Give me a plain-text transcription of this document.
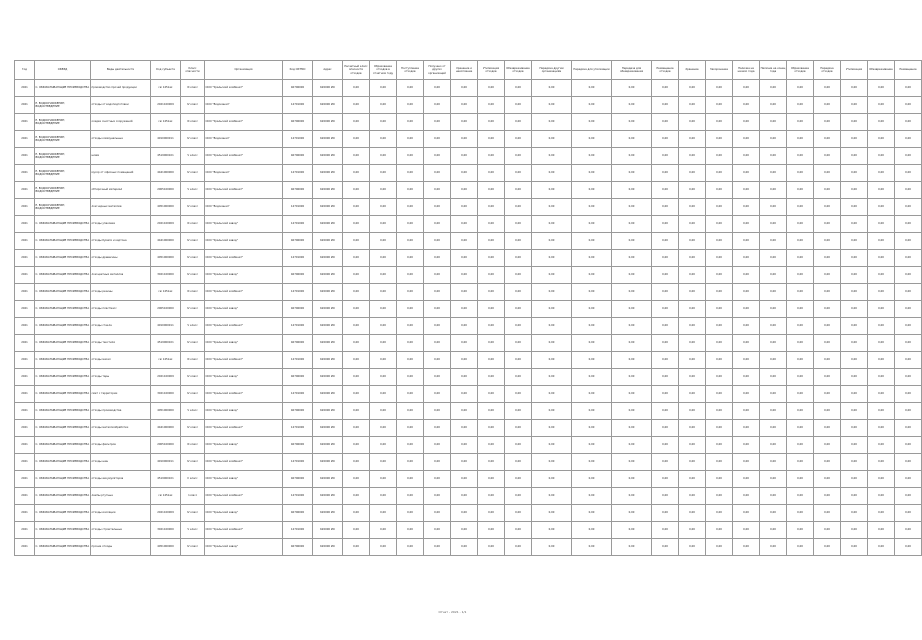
Год	ОКВЭД	Виды деятельности	Код субъекта	Класс опасности	Организация	Код ОКТМО	Адрес	Расчетный класс опасности отходов	Образование отходов в отчетном году	Поступление отходов	Получено от других организаций	Хранение и накопление	Утилизация отходов	Обезвреживание отходов	Передача другим организациям	Передача для утилизации	Передача для обезвреживания	Размещение отходов	Хранение	Захоронение	Наличие на начало года	Наличие на конец года	Образование отходов	Передача отходов	Утилизация	Обезвреживание	Размещение
2021	C. ОБРАБАТЫВАЮЩИЕ ПРОИЗВОДСТВА	производство прочей продукции	rai 1451ax	III класс	ООО "Уральский комбинат"	46706000	620000 ИО	0,00	0,00	0,00	0,00	0,00	0,00	0,00	0,00	0,00	0,00	0,00	0,00	0,00	0,00	0,00	0,00	0,00	0,00	0,00	0,00
2021	E. ВОДОСНАБЖЕНИЕ; ВОДООТВЕДЕНИЕ	отходы от водоподготовки	2021100009	IV класс	ООО "Водоканал"	14701000	620000 ИО	0,00	0,00	0,00	0,00	0,00	0,00	0,00	0,00	0,00	0,00	0,00	0,00	0,00	0,00	0,00	0,00	0,00	0,00	0,00	0,00
2021	E. ВОДОСНАБЖЕНИЕ; ВОДООТВЕДЕНИЕ	осадки очистных сооружений	rai 1451ax	III класс	ООО "Уральский комбинат"	46706000	620000 ИО	0,00	0,00	0,00	0,00	0,00	0,00	0,00	0,00	0,00	0,00	0,00	0,00	0,00	0,00	0,00	0,00	0,00	0,00	0,00	0,00
2021	E. ВОДОСНАБЖЕНИЕ; ВОДООТВЕДЕНИЕ	отходы коммунальные	4910000011	IV класс	ООО "Водоканал"	14701000	620000 ИО	0,00	0,00	0,00	0,00	0,00	0,00	0,00	0,00	0,00	0,00	0,00	0,00	0,00	0,00	0,00	0,00	0,00	0,00	0,00	0,00
2021	E. ВОДОСНАБЖЕНИЕ; ВОДООТВЕДЕНИЕ	шлам	4519000101	V класс	ООО "Уральский комбинат"	46706000	620000 ИО	0,00	0,00	0,00	0,00	0,00	0,00	0,00	0,00	0,00	0,00	0,00	0,00	0,00	0,00	0,00	0,00	0,00	0,00	0,00	0,00
2021	E. ВОДОСНАБЖЕНИЕ; ВОДООТВЕДЕНИЕ	мусор от офисных помещений	4441000000	IV класс	ООО "Водоканал"	14701000	620000 ИО	0,00	0,00	0,00	0,00	0,00	0,00	0,00	0,00	0,00	0,00	0,00	0,00	0,00	0,00	0,00	0,00	0,00	0,00	0,00	0,00
2021	E. ВОДОСНАБЖЕНИЕ; ВОДООТВЕДЕНИЕ	обтирочный материал	2005100000	V класс	ООО "Уральский комбинат"	46706000	620000 ИО	0,00	0,00	0,00	0,00	0,00	0,00	0,00	0,00	0,00	0,00	0,00	0,00	0,00	0,00	0,00	0,00	0,00	0,00	0,00	0,00
2021	E. ВОДОСНАБЖЕНИЕ; ВОДООТВЕДЕНИЕ	лом черных металлов	4051000000	IV класс	ООО "Водоканал"	14701000	620000 ИО	0,00	0,00	0,00	0,00	0,00	0,00	0,00	0,00	0,00	0,00	0,00	0,00	0,00	0,00	0,00	0,00	0,00	0,00	0,00	0,00
2021	C. ОБРАБАТЫВАЮЩИЕ ПРОИЗВОДСТВА	отходы упаковки	2021100009	III класс	ООО "Уральский завод"	14701000	620000 ИО	0,00	0,00	0,00	0,00	0,00	0,00	0,00	0,00	0,00	0,00	0,00	0,00	0,00	0,00	0,00	0,00	0,00	0,00	0,00	0,00
2021	C. ОБРАБАТЫВАЮЩИЕ ПРОИЗВОДСТВА	отходы бумаги и картона	4441000000	IV класс	ООО "Уральский завод"	46706000	620000 ИО	0,00	0,00	0,00	0,00	0,00	0,00	0,00	0,00	0,00	0,00	0,00	0,00	0,00	0,00	0,00	0,00	0,00	0,00	0,00	0,00
2021	C. ОБРАБАТЫВАЮЩИЕ ПРОИЗВОДСТВА	отходы древесины	4051000000	IV класс	ООО "Уральский комбинат"	14701000	620000 ИО	0,00	0,00	0,00	0,00	0,00	0,00	0,00	0,00	0,00	0,00	0,00	0,00	0,00	0,00	0,00	0,00	0,00	0,00	0,00	0,00
2021	C. ОБРАБАТЫВАЮЩИЕ ПРОИЗВОДСТВА	лом цветных металлов	3021100000	IV класс	ООО "Уральский завод"	46706000	620000 ИО	0,00	0,00	0,00	0,00	0,00	0,00	0,00	0,00	0,00	0,00	0,00	0,00	0,00	0,00	0,00	0,00	0,00	0,00	0,00	0,00
2021	C. ОБРАБАТЫВАЮЩИЕ ПРОИЗВОДСТВА	отходы резины	rai 1451ax	III класс	ООО "Уральский комбинат"	14701000	620000 ИО	0,00	0,00	0,00	0,00	0,00	0,00	0,00	0,00	0,00	0,00	0,00	0,00	0,00	0,00	0,00	0,00	0,00	0,00	0,00	0,00
2021	C. ОБРАБАТЫВАЮЩИЕ ПРОИЗВОДСТВА	отходы пластмасс	2005100000	IV класс	ООО "Уральский завод"	46706000	620000 ИО	0,00	0,00	0,00	0,00	0,00	0,00	0,00	0,00	0,00	0,00	0,00	0,00	0,00	0,00	0,00	0,00	0,00	0,00	0,00	0,00
2021	C. ОБРАБАТЫВАЮЩИЕ ПРОИЗВОДСТВА	отходы стекла	4910000011	V класс	ООО "Уральский комбинат"	14701000	620000 ИО	0,00	0,00	0,00	0,00	0,00	0,00	0,00	0,00	0,00	0,00	0,00	0,00	0,00	0,00	0,00	0,00	0,00	0,00	0,00	0,00
2021	C. ОБРАБАТЫВАЮЩИЕ ПРОИЗВОДСТВА	отходы текстиля	4519000101	IV класс	ООО "Уральский завод"	46706000	620000 ИО	0,00	0,00	0,00	0,00	0,00	0,00	0,00	0,00	0,00	0,00	0,00	0,00	0,00	0,00	0,00	0,00	0,00	0,00	0,00	0,00
2021	C. ОБРАБАТЫВАЮЩИЕ ПРОИЗВОДСТВА	отходы масел	rai 1451ax	III класс	ООО "Уральский комбинат"	14701000	620000 ИО	0,00	0,00	0,00	0,00	0,00	0,00	0,00	0,00	0,00	0,00	0,00	0,00	0,00	0,00	0,00	0,00	0,00	0,00	0,00	0,00
2021	C. ОБРАБАТЫВАЮЩИЕ ПРОИЗВОДСТВА	отходы тары	2021100009	IV класс	ООО "Уральский завод"	46706000	620000 ИО	0,00	0,00	0,00	0,00	0,00	0,00	0,00	0,00	0,00	0,00	0,00	0,00	0,00	0,00	0,00	0,00	0,00	0,00	0,00	0,00
2021	C. ОБРАБАТЫВАЮЩИЕ ПРОИЗВОДСТВА	смет с территории	3021100000	IV класс	ООО "Уральский комбинат"	14701000	620000 ИО	0,00	0,00	0,00	0,00	0,00	0,00	0,00	0,00	0,00	0,00	0,00	0,00	0,00	0,00	0,00	0,00	0,00	0,00	0,00	0,00
2021	C. ОБРАБАТЫВАЮЩИЕ ПРОИЗВОДСТВА	отходы производства	4051000000	V класс	ООО "Уральский завод"	46706000	620000 ИО	0,00	0,00	0,00	0,00	0,00	0,00	0,00	0,00	0,00	0,00	0,00	0,00	0,00	0,00	0,00	0,00	0,00	0,00	0,00	0,00
2021	C. ОБРАБАТЫВАЮЩИЕ ПРОИЗВОДСТВА	отходы металлообработки	4441000000	IV класс	ООО "Уральский комбинат"	14701000	620000 ИО	0,00	0,00	0,00	0,00	0,00	0,00	0,00	0,00	0,00	0,00	0,00	0,00	0,00	0,00	0,00	0,00	0,00	0,00	0,00	0,00
2021	C. ОБРАБАТЫВАЮЩИЕ ПРОИЗВОДСТВА	отходы фильтров	2005100000	III класс	ООО "Уральский завод"	46706000	620000 ИО	0,00	0,00	0,00	0,00	0,00	0,00	0,00	0,00	0,00	0,00	0,00	0,00	0,00	0,00	0,00	0,00	0,00	0,00	0,00	0,00
2021	C. ОБРАБАТЫВАЮЩИЕ ПРОИЗВОДСТВА	отходы шин	4910000011	IV класс	ООО "Уральский комбинат"	14701000	620000 ИО	0,00	0,00	0,00	0,00	0,00	0,00	0,00	0,00	0,00	0,00	0,00	0,00	0,00	0,00	0,00	0,00	0,00	0,00	0,00	0,00
2021	C. ОБРАБАТЫВАЮЩИЕ ПРОИЗВОДСТВА	отходы аккумуляторов	4519000101	II класс	ООО "Уральский завод"	46706000	620000 ИО	0,00	0,00	0,00	0,00	0,00	0,00	0,00	0,00	0,00	0,00	0,00	0,00	0,00	0,00	0,00	0,00	0,00	0,00	0,00	0,00
2021	C. ОБРАБАТЫВАЮЩИЕ ПРОИЗВОДСТВА	лампы ртутные	rai 1451ax	I класс	ООО "Уральский комбинат"	14701000	620000 ИО	0,00	0,00	0,00	0,00	0,00	0,00	0,00	0,00	0,00	0,00	0,00	0,00	0,00	0,00	0,00	0,00	0,00	0,00	0,00	0,00
2021	C. ОБРАБАТЫВАЮЩИЕ ПРОИЗВОДСТВА	отходы изоляции	2021100009	IV класс	ООО "Уральский завод"	46706000	620000 ИО	0,00	0,00	0,00	0,00	0,00	0,00	0,00	0,00	0,00	0,00	0,00	0,00	0,00	0,00	0,00	0,00	0,00	0,00	0,00	0,00
2021	C. ОБРАБАТЫВАЮЩИЕ ПРОИЗВОДСТВА	отходы строительные	3021100000	V класс	ООО "Уральский комбинат"	14701000	620000 ИО	0,00	0,00	0,00	0,00	0,00	0,00	0,00	0,00	0,00	0,00	0,00	0,00	0,00	0,00	0,00	0,00	0,00	0,00	0,00	0,00
2021	C. ОБРАБАТЫВАЮЩИЕ ПРОИЗВОДСТВА	прочие отходы	4051000000	IV класс	ООО "Уральский завод"	46706000	620000 ИО	0,00	0,00	0,00	0,00	0,00	0,00	0,00	0,00	0,00	0,00	0,00	0,00	0,00	0,00	0,00	0,00	0,00	0,00	0,00	0,00
Отчет - 2021 - 1/1
